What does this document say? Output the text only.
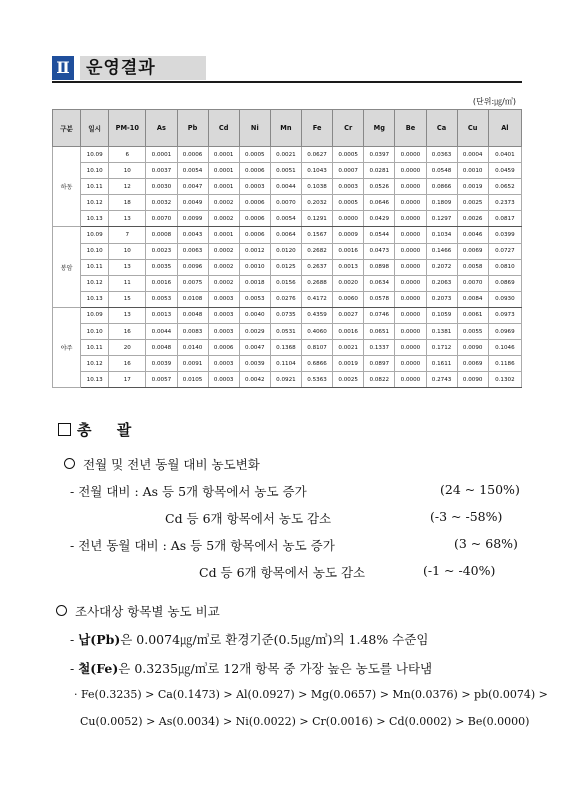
Ⅱ 운영결과
(단위:㎍/㎥)
구분	일시	PM-10	As	Pb	Cd	Ni	Mn	Fe	Cr	Mg	Be	Ca	Cu	Al
하동	10.09	6	0.0001	0.0006	0.0001	0.0005	0.0021	0.0627	0.0005	0.0397	0.0000	0.0363	0.0004	0.0401
	10.10	10	0.0037	0.0054	0.0001	0.0006	0.0051	0.1043	0.0007	0.0281	0.0000	0.0548	0.0010	0.0459
	10.11	12	0.0030	0.0047	0.0001	0.0003	0.0044	0.1038	0.0003	0.0526	0.0000	0.0866	0.0019	0.0652
	10.12	18	0.0032	0.0049	0.0002	0.0006	0.0070	0.2032	0.0005	0.0646	0.0000	0.1809	0.0025	0.2373
	10.13	13	0.0070	0.0099	0.0002	0.0006	0.0054	0.1291	0.0000	0.0429	0.0000	0.1297	0.0026	0.0817
봉암	10.09	7	0.0008	0.0043	0.0001	0.0006	0.0064	0.1567	0.0009	0.0544	0.0000	0.1034	0.0046	0.0399
	10.10	10	0.0023	0.0063	0.0002	0.0012	0.0120	0.2682	0.0016	0.0473	0.0000	0.1466	0.0069	0.0727
	10.11	13	0.0035	0.0096	0.0002	0.0010	0.0125	0.2637	0.0013	0.0898	0.0000	0.2072	0.0058	0.0810
	10.12	11	0.0016	0.0075	0.0002	0.0018	0.0156	0.2688	0.0020	0.0634	0.0000	0.2063	0.0070	0.0869
	10.13	15	0.0053	0.0108	0.0003	0.0053	0.0276	0.4172	0.0060	0.0578	0.0000	0.2073	0.0084	0.0930
야주	10.09	13	0.0013	0.0048	0.0003	0.0040	0.0735	0.4359	0.0027	0.0746	0.0000	0.1059	0.0061	0.0973
	10.10	16	0.0044	0.0083	0.0003	0.0029	0.0531	0.4060	0.0016	0.0651	0.0000	0.1381	0.0055	0.0969
	10.11	20	0.0048	0.0140	0.0006	0.0047	0.1368	0.8107	0.0021	0.1337	0.0000	0.1712	0.0090	0.1046
	10.12	16	0.0039	0.0091	0.0003	0.0039	0.1104	0.6866	0.0019	0.0897	0.0000	0.1611	0.0069	0.1186
	10.13	17	0.0057	0.0105	0.0003	0.0042	0.0921	0.5363	0.0025	0.0822	0.0000	0.2743	0.0090	0.1302
총 괄
전월 및 전년 동월 대비 농도변화
- 전월 대비 : As 등 5개 항목에서 농도 증가	(24 ~ 150%)
Cd 등 6개 항목에서 농도 감소	(-3 ~ -58%)
- 전년 동월 대비 : As 등 5개 항목에서 농도 증가	(3 ~ 68%)
Cd 등 6개 항목에서 농도 감소	(-1 ~ -40%)
조사대상 항목별 농도 비교
- 납(Pb)은 0.0074㎍/㎥로 환경기준(0.5㎍/㎥)의 1.48% 수준임
- 철(Fe)은 0.3235㎍/㎥로 12개 항목 중 가장 높은 농도를 나타냄
· Fe(0.3235) > Ca(0.1473) > Al(0.0927) > Mg(0.0657) > Mn(0.0376) > pb(0.0074) >
Cu(0.0052) > As(0.0034) > Ni(0.0022) > Cr(0.0016) > Cd(0.0002) > Be(0.0000)
